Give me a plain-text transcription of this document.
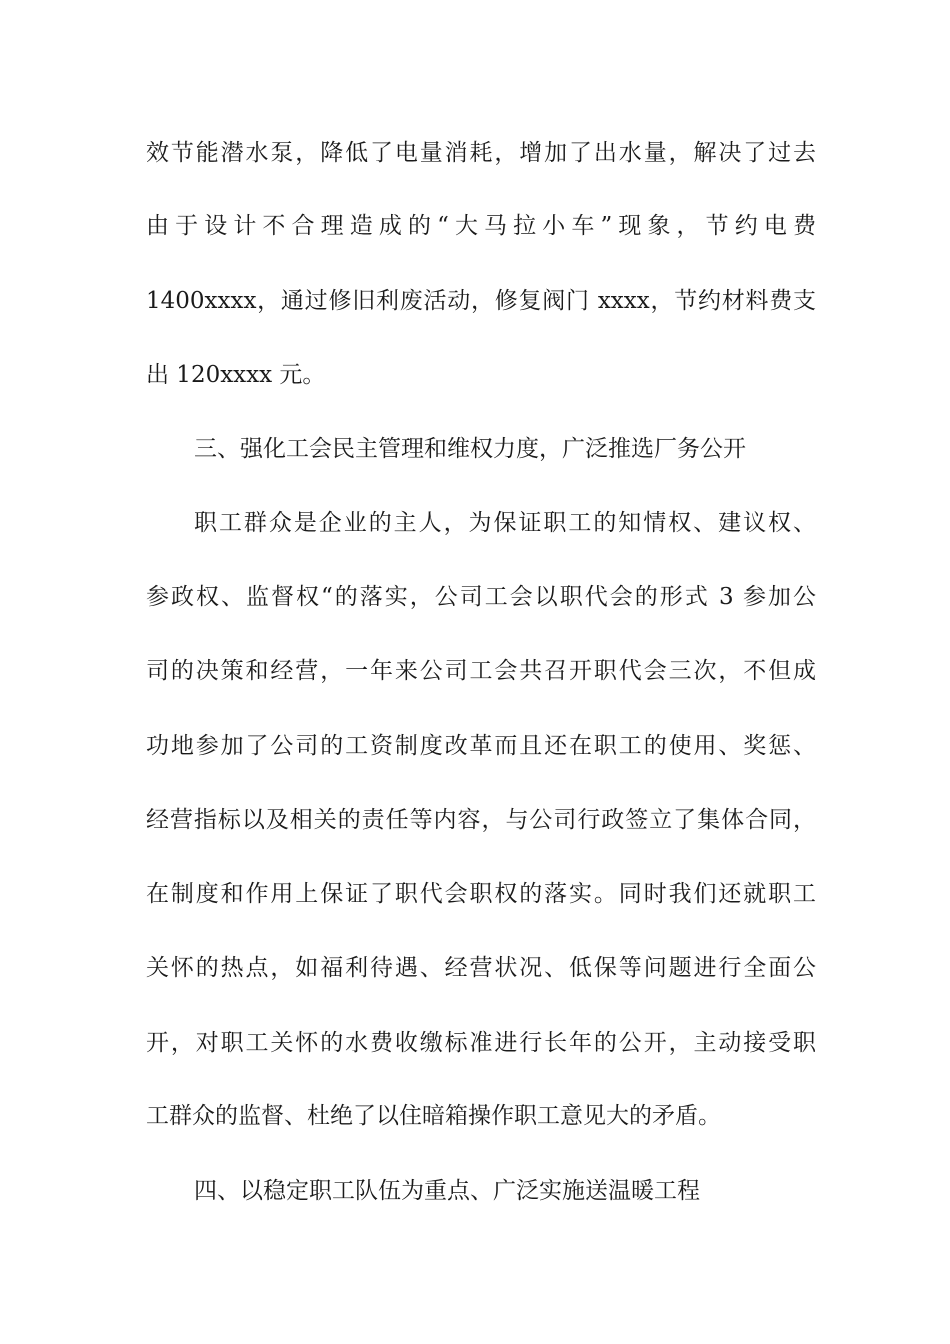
效节能潜水泵，降低了电量消耗，增加了出水量，解决了过去
由于设计不合理造成的“大马拉小车”现象，节约电费
1400xxxx，通过修旧利废活动，修复阀门 xxxx，节约材料费支
出 120xxxx 元。
三、强化工会民主管理和维权力度，广泛推选厂务公开
职工群众是企业的主人，为保证职工的知情权、建议权、
参政权、监督权“的落实，公司工会以职代会的形式 3 参加公
司的决策和经营，一年来公司工会共召开职代会三次，不但成
功地参加了公司的工资制度改革而且还在职工的使用、奖惩、
经营指标以及相关的责任等内容，与公司行政签立了集体合同，
在制度和作用上保证了职代会职权的落实。同时我们还就职工
关怀的热点，如福利待遇、经营状况、低保等问题进行全面公
开，对职工关怀的水费收缴标准进行长年的公开，主动接受职
工群众的监督、杜绝了以住暗箱操作职工意见大的矛盾。
四、以稳定职工队伍为重点、广泛实施送温暖工程
